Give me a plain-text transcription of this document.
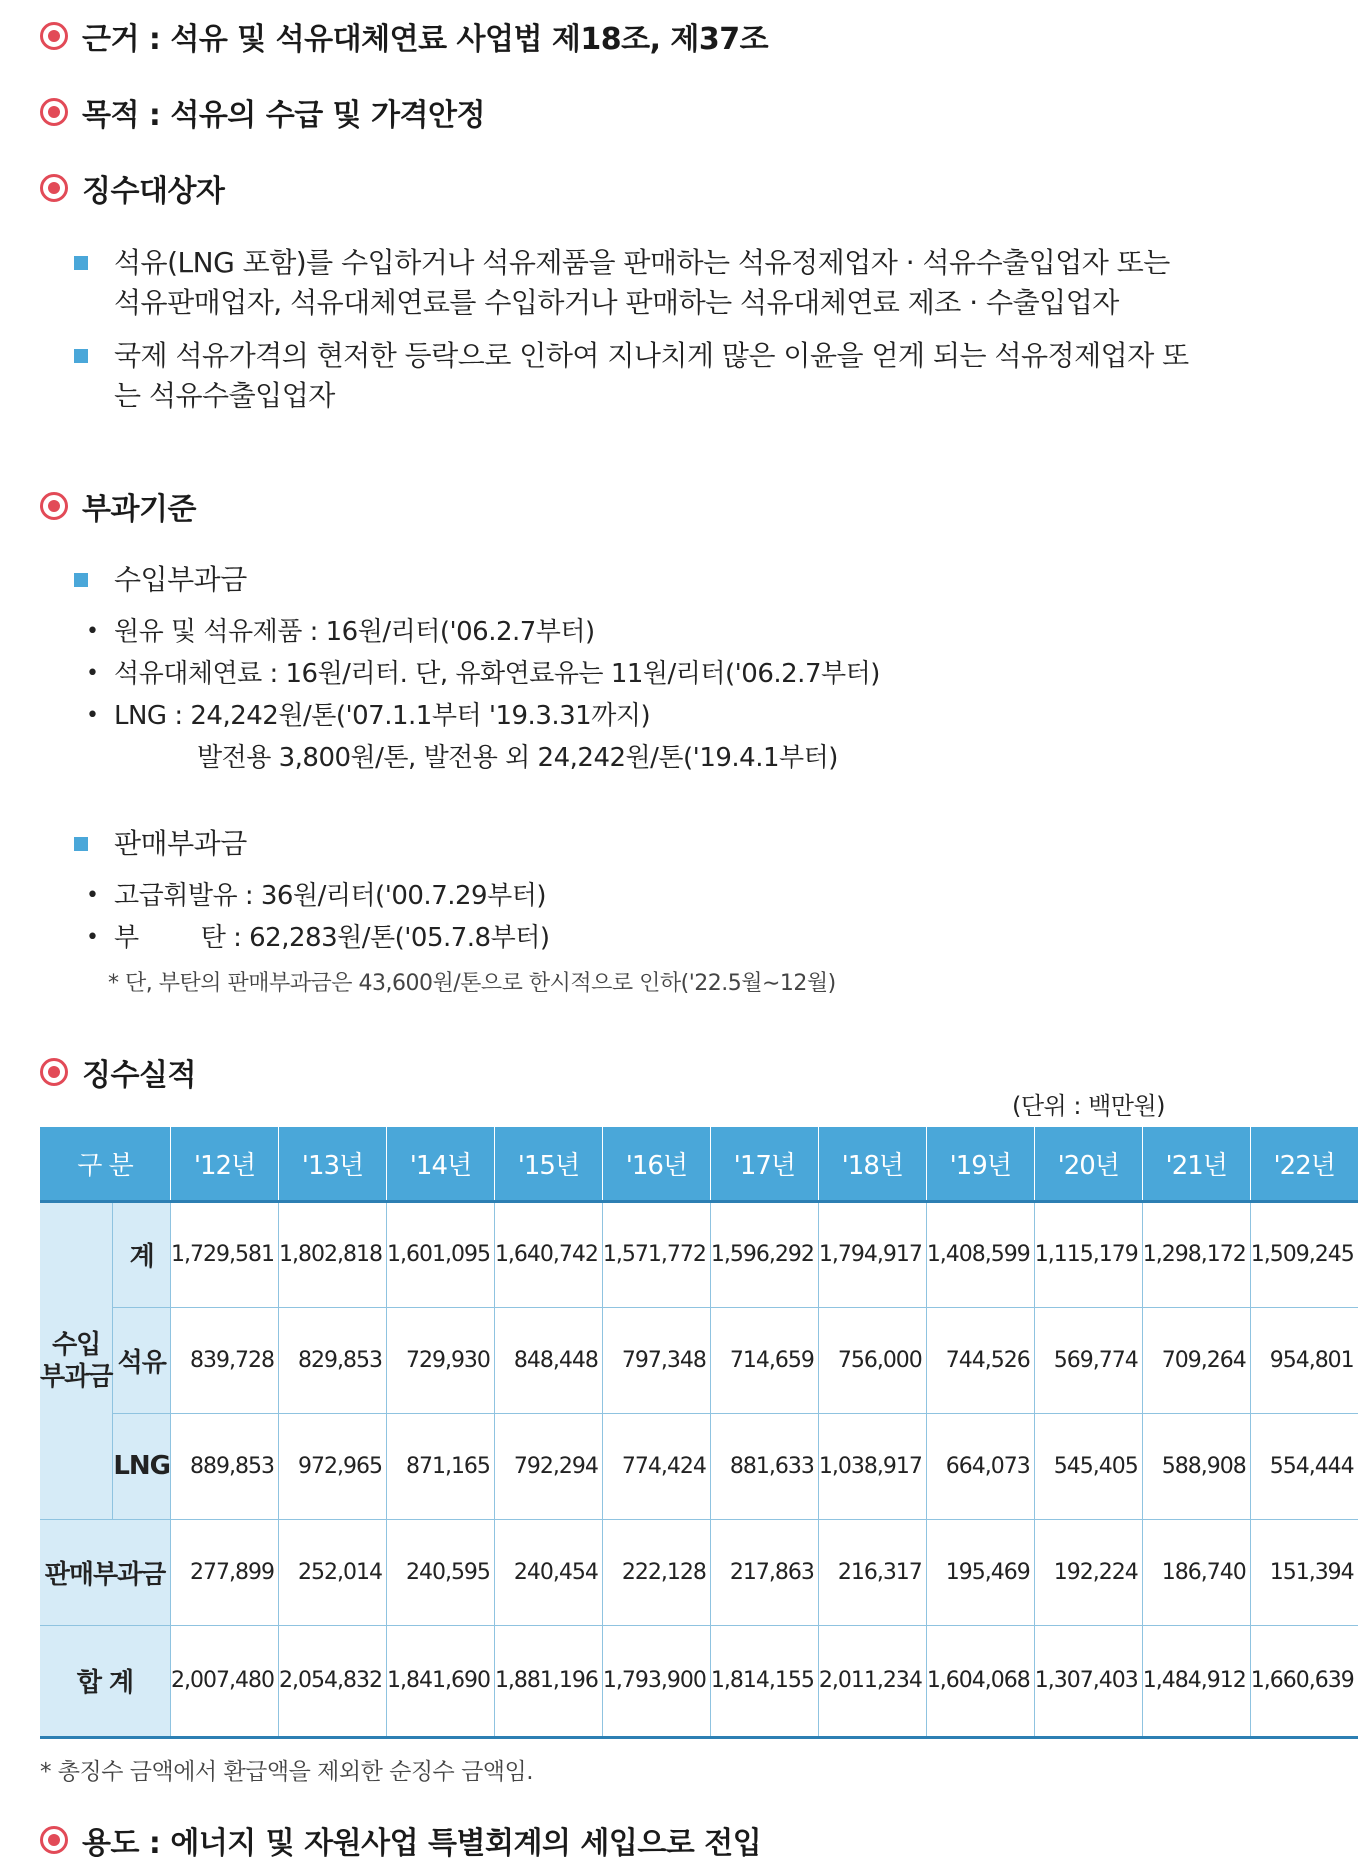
근거 : 석유 및 석유대체연료 사업법 제18조, 제37조
목적 : 석유의 수급 및 가격안정
징수대상자
석유(LNG 포함)를 수입하거나 석유제품을 판매하는 석유정제업자 · 석유수출입업자 또는 석유판매업자, 석유대체연료를 수입하거나 판매하는 석유대체연료 제조 · 수출입업자
국제 석유가격의 현저한 등락으로 인하여 지나치게 많은 이윤을 얻게 되는 석유정제업자 또는 석유수출입업자
부과기준
수입부과금
• 원유 및 석유제품 : 16원/리터('06.2.7부터)
• 석유대체연료 : 16원/리터. 단, 유화연료유는 11원/리터('06.2.7부터)
• LNG : 24,242원/톤('07.1.1부터 '19.3.31까지)
발전용 3,800원/톤, 발전용 외 24,242원/톤('19.4.1부터)
판매부과금
• 고급휘발유 : 36원/리터('00.7.29부터)
• 부        탄 : 62,283원/톤('05.7.8부터)
* 단, 부탄의 판매부과금은 43,600원/톤으로 한시적으로 인하('22.5월∼12월)
징수실적
(단위 : 백만원)
구 분		'12년	'13년	'14년	'15년	'16년	'17년	'18년	'19년	'20년	'21년	'22년
수입
부과금	계	1,729,581	1,802,818	1,601,095	1,640,742	1,571,772	1,596,292	1,794,917	1,408,599	1,115,179	1,298,172	1,509,245
	석유	839,728	829,853	729,930	848,448	797,348	714,659	756,000	744,526	569,774	709,264	954,801
	LNG	889,853	972,965	871,165	792,294	774,424	881,633	1,038,917	664,073	545,405	588,908	554,444
판매부과금		277,899	252,014	240,595	240,454	222,128	217,863	216,317	195,469	192,224	186,740	151,394
합 계		2,007,480	2,054,832	1,841,690	1,881,196	1,793,900	1,814,155	2,011,234	1,604,068	1,307,403	1,484,912	1,660,639
* 총징수 금액에서 환급액을 제외한 순징수 금액임.
용도 : 에너지 및 자원사업 특별회계의 세입으로 전입
